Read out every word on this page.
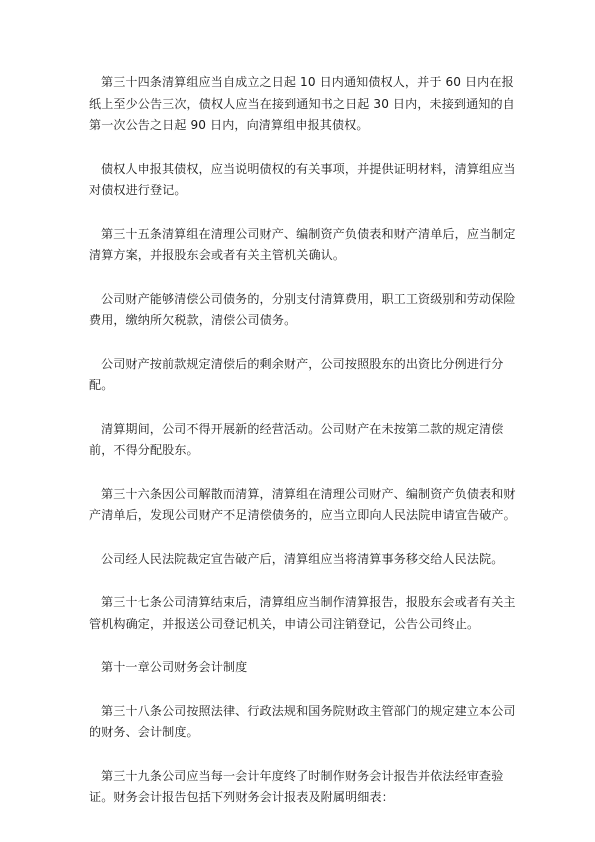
第三十四条清算组应当自成立之日起 10 日内通知债权人，并于 60 日内在报纸上至少公告三次，债权人应当在接到通知书之日起 30 日内，未接到通知的自第一次公告之日起 90 日内，向清算组申报其债权。

债权人申报其债权，应当说明债权的有关事项，并提供证明材料，清算组应当对债权进行登记。

第三十五条清算组在清理公司财产、编制资产负债表和财产清单后，应当制定清算方案，并报股东会或者有关主管机关确认。

公司财产能够清偿公司债务的，分别支付清算费用，职工工资级别和劳动保险费用，缴纳所欠税款，清偿公司债务。

公司财产按前款规定清偿后的剩余财产，公司按照股东的出资比分例进行分配。

清算期间，公司不得开展新的经营活动。公司财产在未按第二款的规定清偿前，不得分配股东。

第三十六条因公司解散而清算，清算组在清理公司财产、编制资产负债表和财产清单后，发现公司财产不足清偿债务的，应当立即向人民法院申请宣告破产。

公司经人民法院裁定宣告破产后，清算组应当将清算事务移交给人民法院。

第三十七条公司清算结束后，清算组应当制作清算报告，报股东会或者有关主管机构确定，并报送公司登记机关，申请公司注销登记，公告公司终止。

第十一章公司财务会计制度

第三十八条公司按照法律、行政法规和国务院财政主管部门的规定建立本公司的财务、会计制度。

第三十九条公司应当每一会计年度终了时制作财务会计报告并依法经审查验证。财务会计报告包括下列财务会计报表及附属明细表：
